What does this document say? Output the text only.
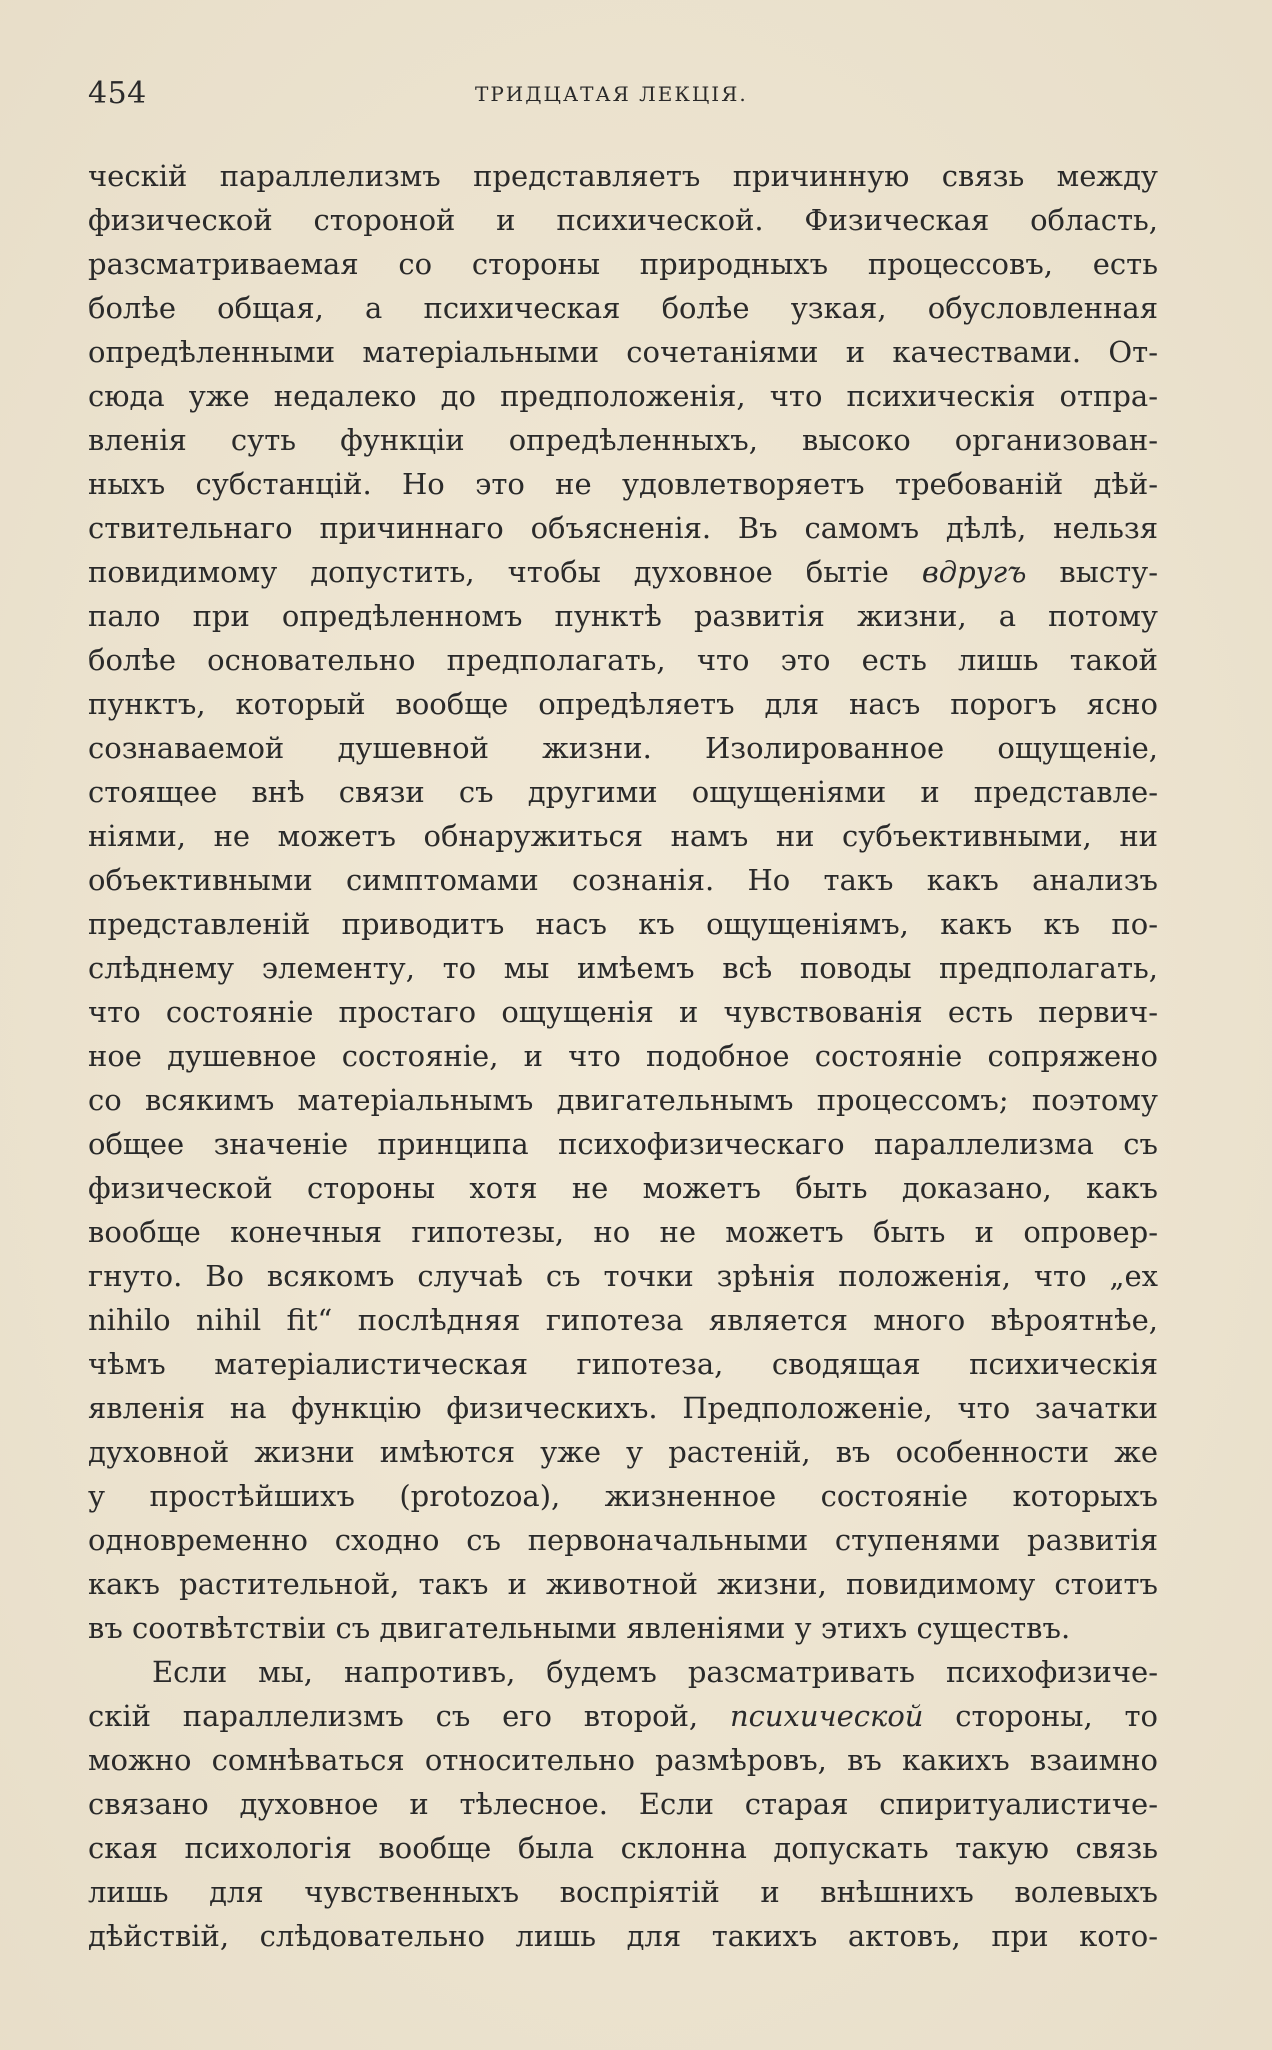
454	ТРИДЦАТАЯ ЛЕКЦІЯ.
ческій параллелизмъ представляетъ причинную связь между
физической стороной и психической. Физическая область,
разсматриваемая со стороны природныхъ процессовъ, есть
болѣе общая, а психическая болѣе узкая, обусловленная
опредѣленными матеріальными сочетаніями и качествами. От-
сюда уже недалеко до предположенія, что психическія отпра-
вленія суть функціи опредѣленныхъ, высоко организован-
ныхъ субстанцій. Но это не удовлетворяетъ требованій дѣй-
ствительнаго причиннаго объясненія. Въ самомъ дѣлѣ, нельзя
повидимому допустить, чтобы духовное бытіе вдругъ высту-
пало при опредѣленномъ пунктѣ развитія жизни, а потому
болѣе основательно предполагать, что это есть лишь такой
пунктъ, который вообще опредѣляетъ для насъ порогъ ясно
сознаваемой душевной жизни. Изолированное ощущеніе,
стоящее внѣ связи съ другими ощущеніями и представле-
ніями, не можетъ обнаружиться намъ ни субъективными, ни
объективными симптомами сознанія. Но такъ какъ анализъ
представленій приводитъ насъ къ ощущеніямъ, какъ къ по-
слѣднему элементу, то мы имѣемъ всѣ поводы предполагать,
что состояніе простаго ощущенія и чувствованія есть первич-
ное душевное состояніе, и что подобное состояніе сопряжено
со всякимъ матеріальнымъ двигательнымъ процессомъ; поэтому
общее значеніе принципа психофизическаго параллелизма съ
физической стороны хотя не можетъ быть доказано, какъ
вообще конечныя гипотезы, но не можетъ быть и опровер-
гнуто. Во всякомъ случаѣ съ точки зрѣнія положенія, что „ex
nihilo nihil fit“ послѣдняя гипотеза является много вѣроятнѣе,
чѣмъ матеріалистическая гипотеза, сводящая психическія
явленія на функцію физическихъ. Предположеніе, что зачатки
духовной жизни имѣются уже у растеній, въ особенности же
у простѣйшихъ (protozoa), жизненное состояніе которыхъ
одновременно сходно съ первоначальными ступенями развитія
какъ растительной, такъ и животной жизни, повидимому стоитъ
въ соотвѣтствіи съ двигательными явленіями у этихъ существъ.
Если мы, напротивъ, будемъ разсматривать психофизиче-
скій параллелизмъ съ его второй, психической стороны, то
можно сомнѣваться относительно размѣровъ, въ какихъ взаимно
связано духовное и тѣлесное. Если старая спиритуалистиче-
ская психологія вообще была склонна допускать такую связь
лишь для чувственныхъ воспріятій и внѣшнихъ волевыхъ
дѣйствій, слѣдовательно лишь для такихъ актовъ, при кото-
